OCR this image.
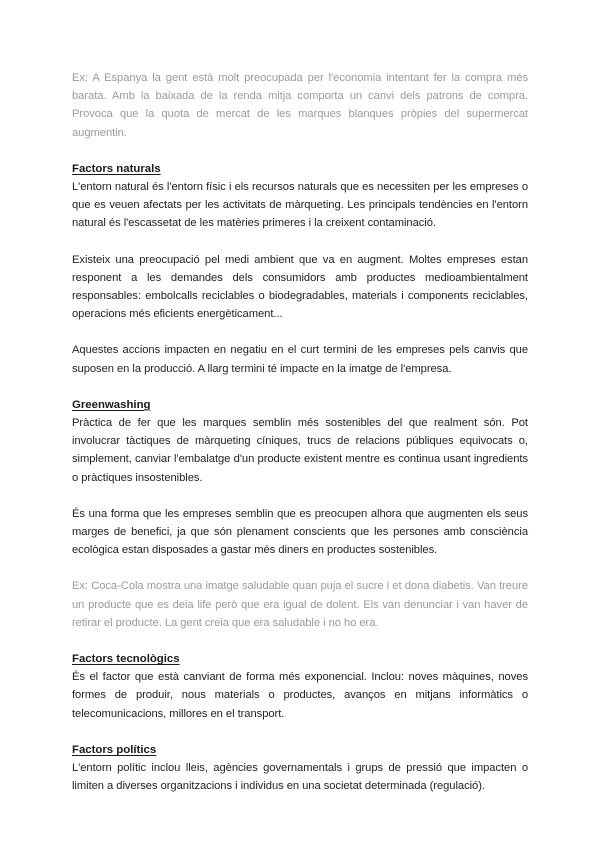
Ex: A Espanya la gent està molt preocupada per l'economia intentant fer la compra més barata. Amb la baixada de la renda mitja comporta un canvi dels patrons de compra. Provoca que la quota de mercat de les marques blanques pròpies del supermercat augmentin.

Factors naturals

L'entorn natural és l'entorn físic i els recursos naturals que es necessiten per les empreses o que es veuen afectats per les activitats de màrqueting. Les principals tendències en l'entorn natural és l'escassetat de les matèries primeres i la creixent contaminació.

Existeix una preocupació pel medi ambient que va en augment. Moltes empreses estan responent a les demandes dels consumidors amb productes medioambientalment responsables: embolcalls reciclables o biodegradables, materials i components reciclables, operacions més eficients energèticament...

Aquestes accions impacten en negatiu en el curt termini de les empreses pels canvis que suposen en la producció. A llarg termini té impacte en la imatge de l'empresa.

Greenwashing

Pràctica de fer que les marques semblin més sostenibles del que realment són. Pot involucrar tàctiques de màrqueting cíniques, trucs de relacions públiques equivocats o, simplement, canviar l'embalatge d'un producte existent mentre es continua usant ingredients o pràctiques insostenibles.

És una forma que les empreses semblin que es preocupen alhora que augmenten els seus marges de benefici, ja que són plenament conscients que les persones amb consciència ecològica estan disposades a gastar més diners en productes sostenibles.

Ex: Coca-Cola mostra una imatge saludable quan puja el sucre i et dona diabetis. Van treure un producte que es deia life però que era igual de dolent. Els van denunciar i van haver de retirar el producte. La gent creia que era saludable i no ho era.

Factors tecnològics

És el factor que està canviant de forma més exponencial. Inclou: noves màquines, noves formes de produir, nous materials o productes, avanços en mitjans informàtics o telecomunicacions, millores en el transport.

Factors polítics

L'entorn polític inclou lleis, agències governamentals i grups de pressió que impacten o limiten a diverses organitzacions i individus en una societat determinada (regulació).
